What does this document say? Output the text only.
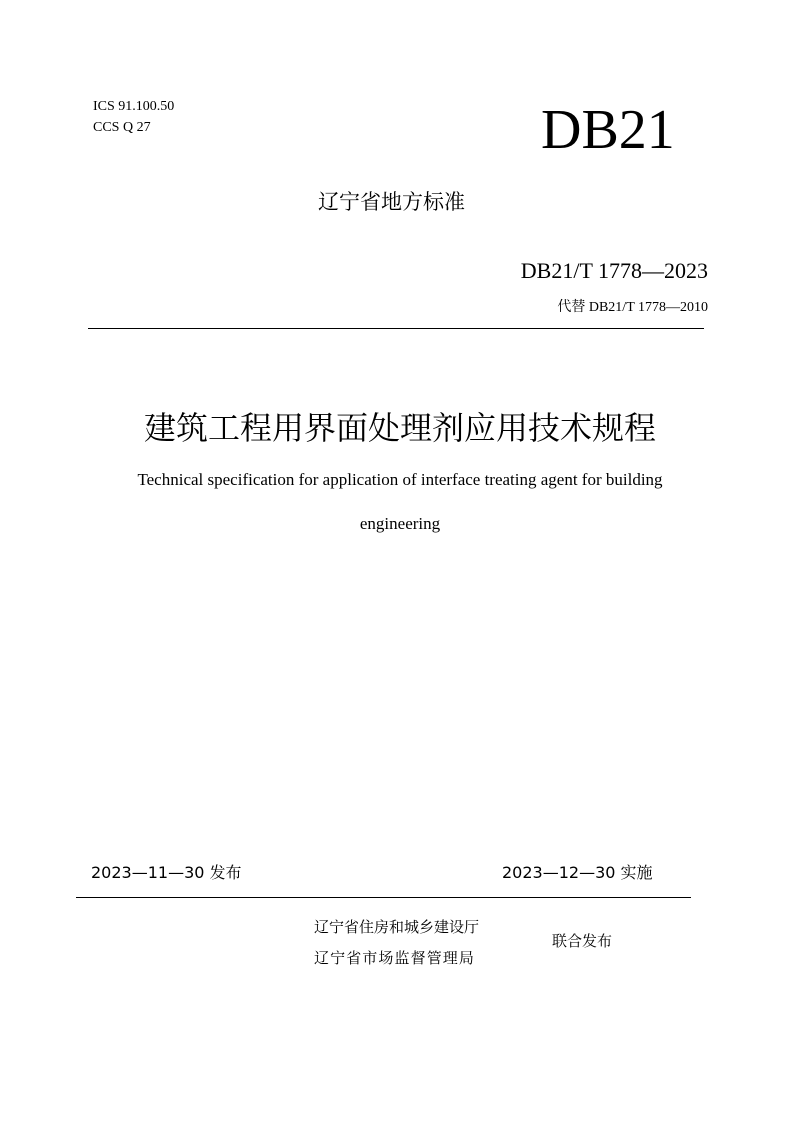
ICS 91.100.50
CCS Q 27	DB21
辽宁省地方标准
DB21/T 1778—2023
代替 DB21/T 1778—2010
建筑工程用界面处理剂应用技术规程
Technical specification for application of interface treating agent for building engineering
2023—11—30 发布	2023—12—30 实施
辽宁省住房和城乡建设厅
辽宁省市场监督管理局
联合发布
